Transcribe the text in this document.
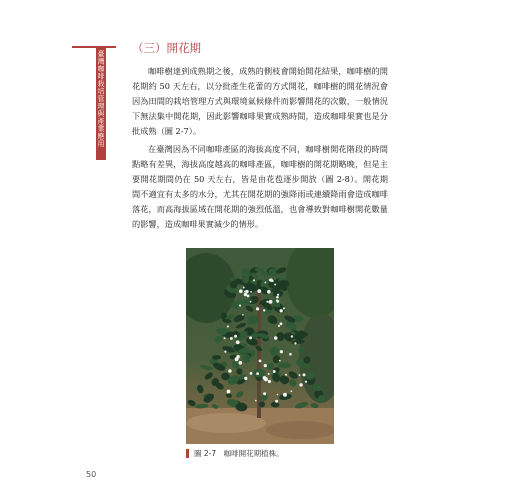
臺灣咖啡栽培管理與產業應用
（三）開花期

咖啡樹達到成熟期之後，成熟的側枝會開始開花結果，咖啡樹的開花期約 50 天左右，以分批產生花蕾的方式開花，咖啡樹的開花情況會因為田間的栽培管理方式與環境氣候條件而影響開花的次數，一般情況下無法集中開花期，因此影響咖啡果實成熟時間，造成咖啡果實也是分批成熟（圖 2-7）。

在臺灣因為不同咖啡產區的海拔高度不同，咖啡樹開花階段的時間點略有差異，海拔高度越高的咖啡產區，咖啡樹的開花期略晚，但是主要開花期間仍在 50 天左右，皆是由花苞逐步開放（圖 2-8）。開花期間不適宜有太多的水分，尤其在開花期的強降雨或連續降雨會造成咖啡落花，而高海拔區域在開花期的強烈低溫，也會導致對咖啡樹開花數量的影響，造成咖啡果實減少的情形。

圖 2-7　咖啡開花期植株。
50
